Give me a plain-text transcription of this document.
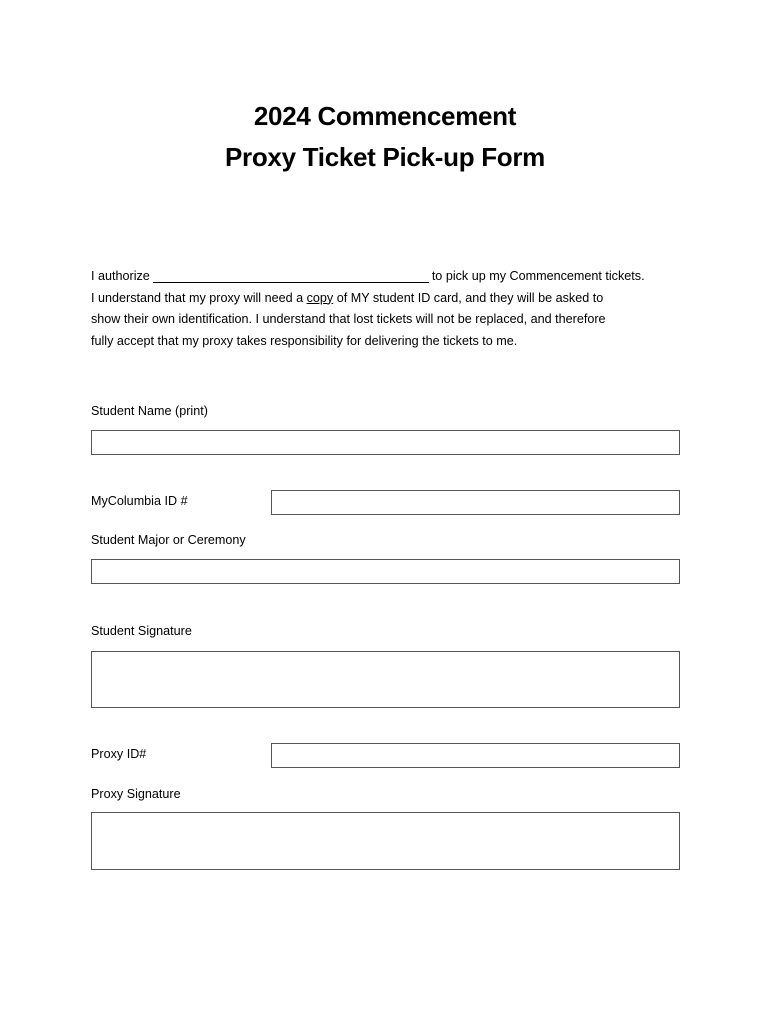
2024 Commencement
Proxy Ticket Pick-up Form
I authorize	to pick up my Commencement tickets.
I understand that my proxy will need a copy of MY student ID card, and they will be asked to
show their own identification. I understand that lost tickets will not be replaced, and therefore
fully accept that my proxy takes responsibility for delivering the tickets to me.
Student Name (print)
MyColumbia ID #
Student Major or Ceremony
Student Signature
Proxy ID#
Proxy Signature
